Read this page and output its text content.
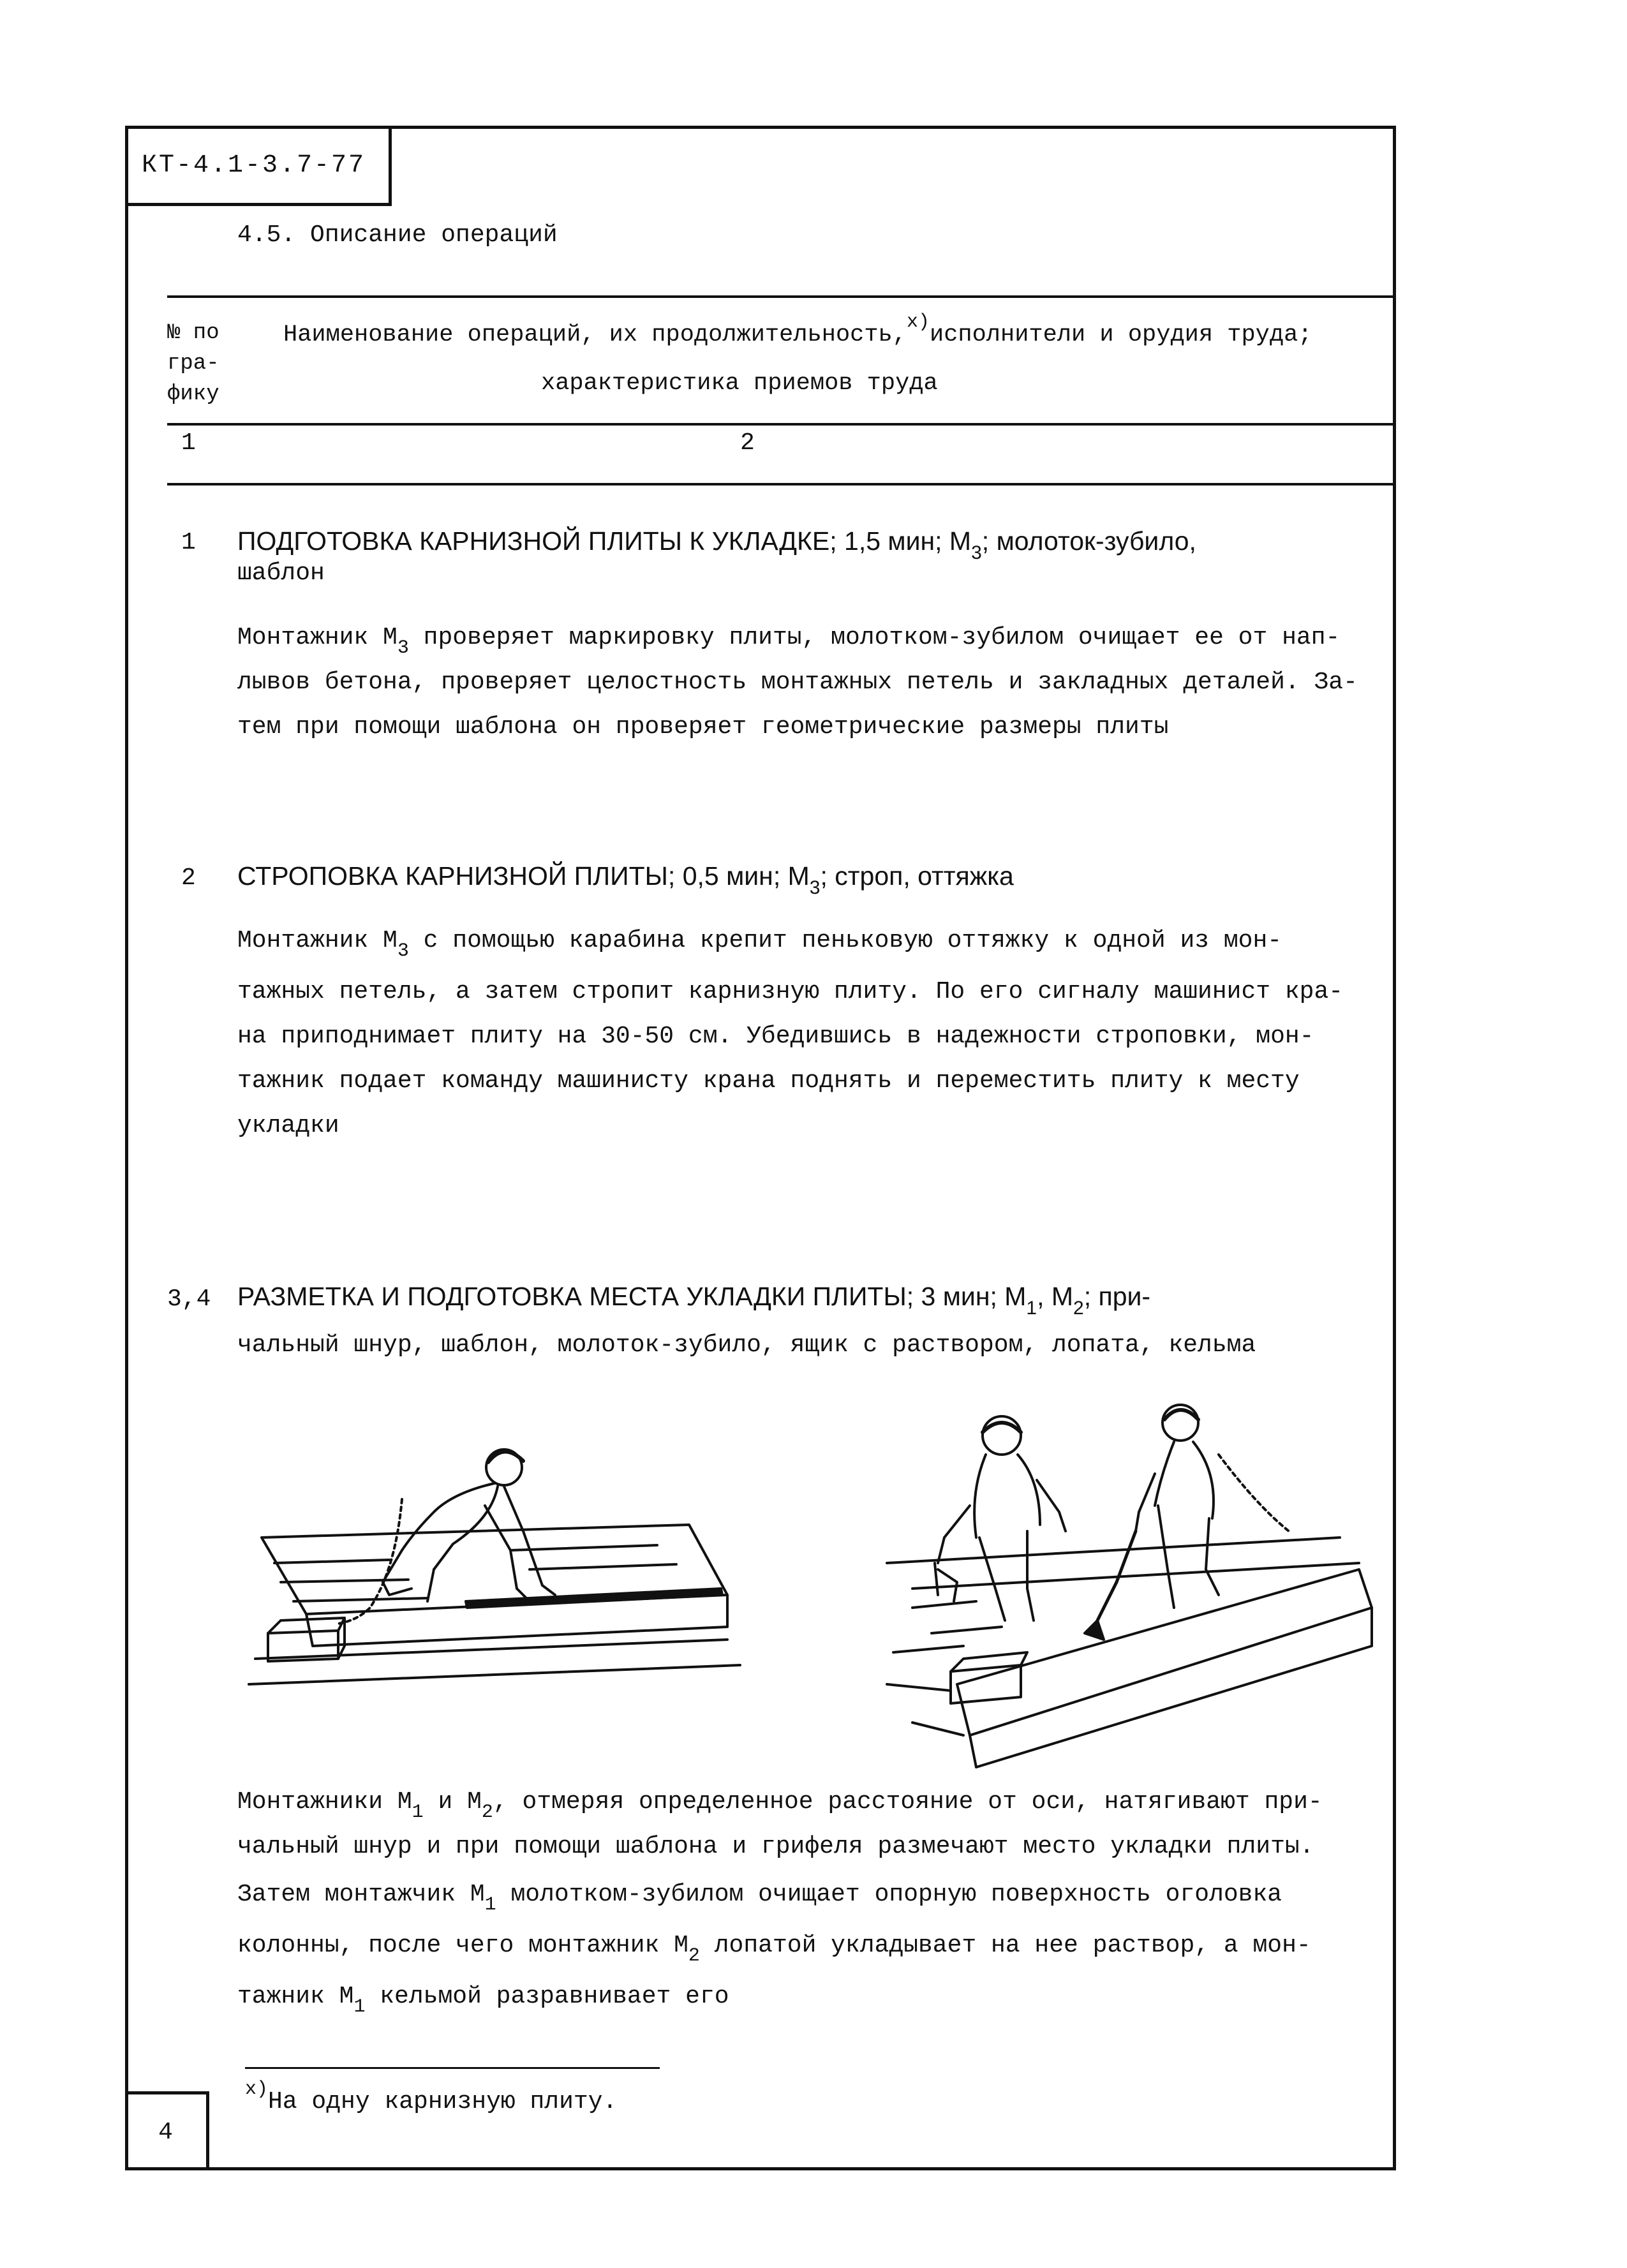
КТ-4.1-3.7-77
4.5. Описание операций
№ по
гра-
фику
Наименование операций, их продолжительность,$^{x)}$исполнители и орудия труда;
характеристика приемов труда
1	2
1 ПОДГОТОВКА КАРНИЗНОЙ ПЛИТЫ К УКЛАДКЕ; 1,5 мин; $М_3$; молоток-зубило,
шаблон
Монтажник $М_3$ проверяет маркировку плиты, молотком-зубилом очищает ее от нап-
лывов бетона, проверяет целостность монтажных петель и закладных деталей. За-
тем при помощи шаблона он проверяет геометрические размеры плиты
2 СТРОПОВКА КАРНИЗНОЙ ПЛИТЫ; 0,5 мин; $М_3$; строп, оттяжка
Монтажник $М_3$ с помощью карабина крепит пеньковую оттяжку к одной из мон-
тажных петель, а затем стропит карнизную плиту. По его сигналу машинист кра-
на приподнимает плиту на 30-50 см. Убедившись в надежности строповки, мон-
тажник подает команду машинисту крана поднять и переместить плиту к месту
укладки
3,4 РАЗМЕТКА И ПОДГОТОВКА МЕСТА УКЛАДКИ ПЛИТЫ; 3 мин; $М_1$, $М_2$; при-
чальный шнур, шаблон, молоток-зубило, ящик с раствором, лопата, кельма
Монтажники $М_1$ и $М_2$, отмеряя определенное расстояние от оси, натягивают при-
чальный шнур и при помощи шаблона и грифеля размечают место укладки плиты.
Затем монтажчик $М_1$ молотком-зубилом очищает опорную поверхность оголовка
колонны, после чего монтажник $М_2$ лопатой укладывает на нее раствор, а мон-
тажник $М_1$ кельмой разравнивает его
$^{x)}$На одну карнизную плиту.
4
